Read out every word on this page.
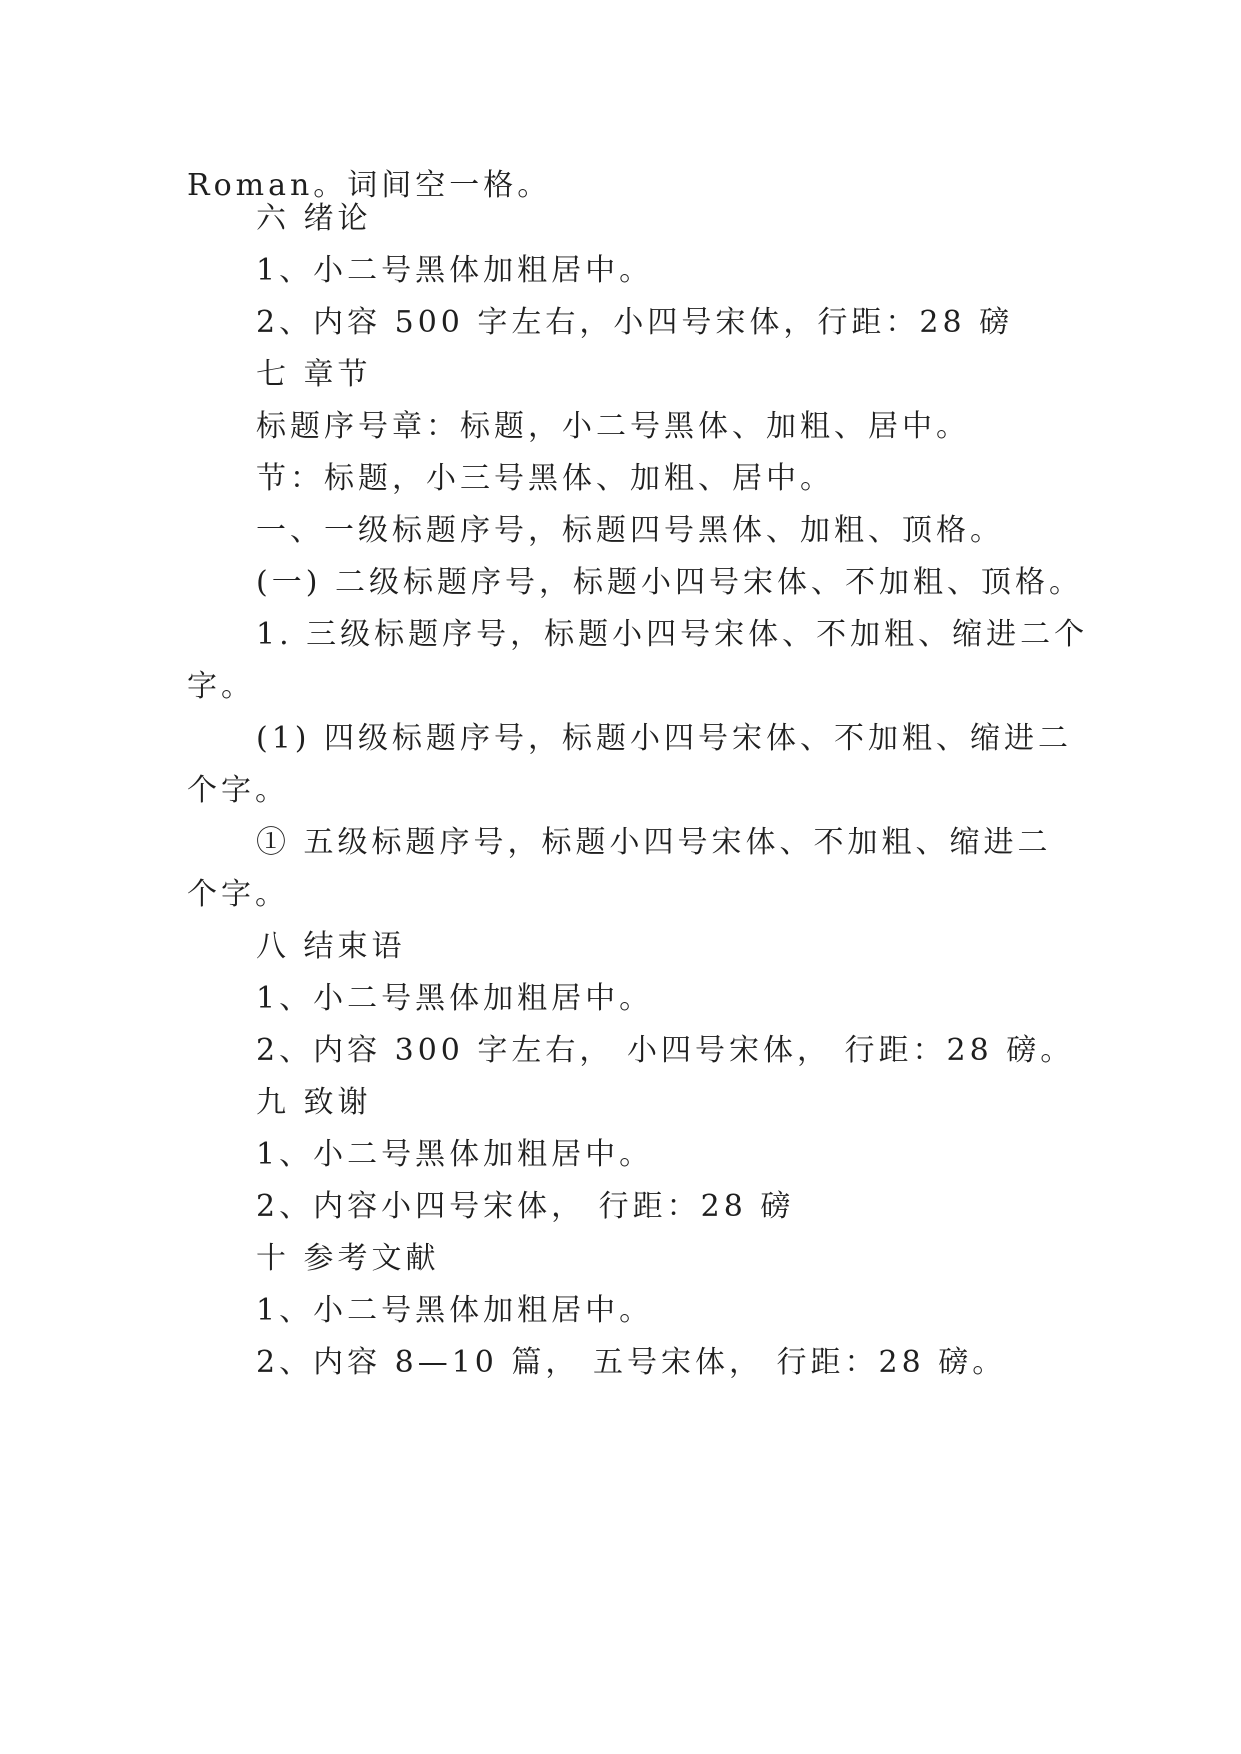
Roman。词间空一格。
六 绪论
1、小二号黑体加粗居中。
2、内容 500 字左右，小四号宋体，行距：28 磅
七 章节
标题序号章：标题，小二号黑体、加粗、居中。
节：标题，小三号黑体、加粗、居中。
一、一级标题序号，标题四号黑体、加粗、顶格。
(一) 二级标题序号，标题小四号宋体、不加粗、顶格。
1. 三级标题序号，标题小四号宋体、不加粗、缩进二个
字。
(1) 四级标题序号，标题小四号宋体、不加粗、缩进二
个字。
① 五级标题序号，标题小四号宋体、不加粗、缩进二
个字。
八 结束语
1、小二号黑体加粗居中。
2、内容 300 字左右， 小四号宋体， 行距：28 磅。
九 致谢
1、小二号黑体加粗居中。
2、内容小四号宋体， 行距：28 磅
十 参考文献
1、小二号黑体加粗居中。
2、内容 8—10 篇， 五号宋体， 行距：28 磅。
